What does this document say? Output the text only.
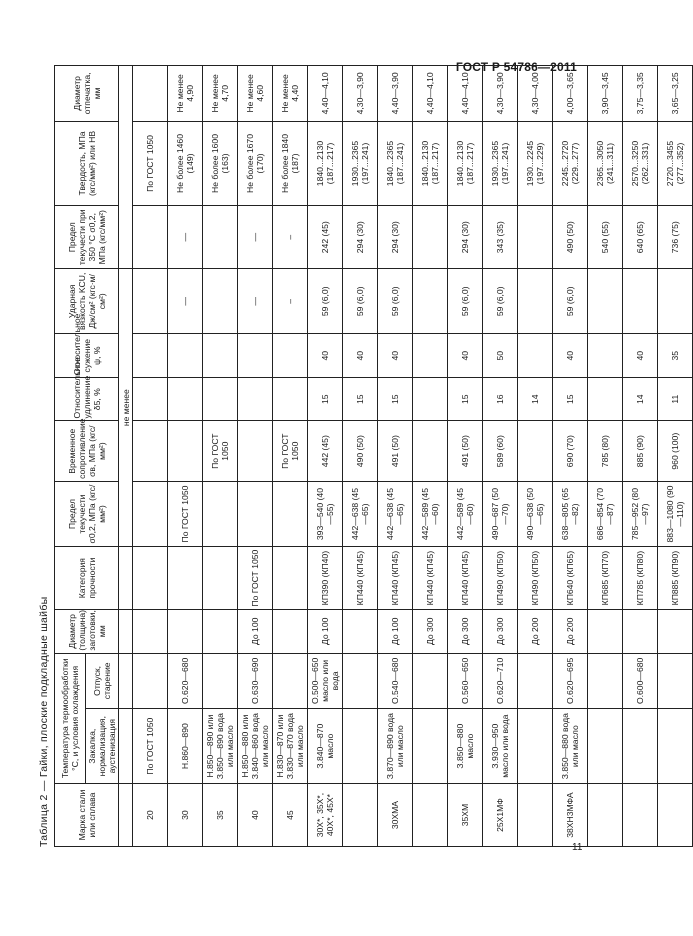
ГОСТ Р 54786—2011
Таблица 2 — Гайки, плоские подкладные шайбы	Марка стали или сплава	Температура термообработки °С, и условия охлаждения		Диаметр (толщина) заготовки, мм	Категория прочности	Предел текучести σ0,2, МПа (кгс/мм²)	Временное сопротивление σв, МПа (кгс/мм²)	Относительное удлинение δ5, %	Относительное сужение ψ, %	Ударная вязкость KCU, Дж/см² (кгс·м/см²)	Предел текучести при 350 °С σ0,2, МПа (кгс/мм²)	Твердость, МПа (кгс/мм²) или НВ	Диаметр отпечатка, мм
	Закалка, нормализация, аустенизация	Отпуск, старение										
					не менее							
20	По ГОСТ 1050										По ГОСТ 1050	
30	Н.860—890	О.620—680			По ГОСТ 1050				—	—	Не более 1460 (149)	Не менее 4,90
35	Н.850—890 или З.850—890 вода или масло					По ГОСТ 1050					Не более 1600 (163)	Не менее 4,70
40	Н.850—880 или З.840—860 вода или масло	О.630—690	До 100	По ГОСТ 1050					—	—	Не более 1670 (170)	Не менее 4,60
45	Н.830—870 или З.830—870 вода или масло					По ГОСТ 1050			–	–	Не более 1840 (187)	Не менее 4,40
30Х*, 35Х*, 40Х*, 45Х*	З.840—870 масло	О.500—650 масло или вода	До 100	КП390 (КП40)	393—540 (40—55)	442 (45)	15	40	59 (6,0)	242 (45)	1840...2130 (187...217)	4,40—4,10
				КП440 (КП45)	442—638 (45—65)	490 (50)	15	40	59 (6,0)	294 (30)	1930...2365 (197...241)	4,30—3,90
30ХМА	З.870—890 вода или масло	О.540—680	До 100	КП440 (КП45)	442—638 (45—65)	491 (50)	15	40	59 (6,0)	294 (30)	1840...2365 (187...241)	4,40—3,90
			До 300	КП440 (КП45)	442—589 (45—60)						1840...2130 (187...217)	4,40—4,10
35ХМ	З.850—880 масло	О.560—650	До 300	КП440 (КП45)	442—589 (45—60)	491 (50)	15	40	59 (6,0)	294 (30)	1840...2130 (187...217)	4,40—4,10
25Х1МФ	З.930—950 масло или вода	О.620—710	До 300	КП490 (КП50)	490—687 (50—70)	589 (60)	16	50	59 (6,0)	343 (35)	1930...2365 (197...241)	4,30—3,90
			До 200	КП490 (КП50)	490—638 (50—65)		14				1930...2245 (197...229)	4,30—4,00
38ХН3МФА	З.850—880 вода или масло	О.620—695	До 200	КП640 (КП65)	638—805 (65—82)	690 (70)	15	40	59 (6,0)	490 (50)	2245...2720 (229...277)	4,00—3,65
				КП685 (КП70)	686—854 (70—87)	785 (80)				540 (55)	2365...3050 (241...311)	3,90—3,45
		О.600—680		КП785 (КП80)	785—952 (80—97)	885 (90)	14	40		640 (65)	2570...3250 (262...331)	3,75—3,35
				КП885 (КП90)	883—1080 (90—110)	960 (100)	11	35		736 (75)	2720...3455 (277...352)	3,65—3,25
11
